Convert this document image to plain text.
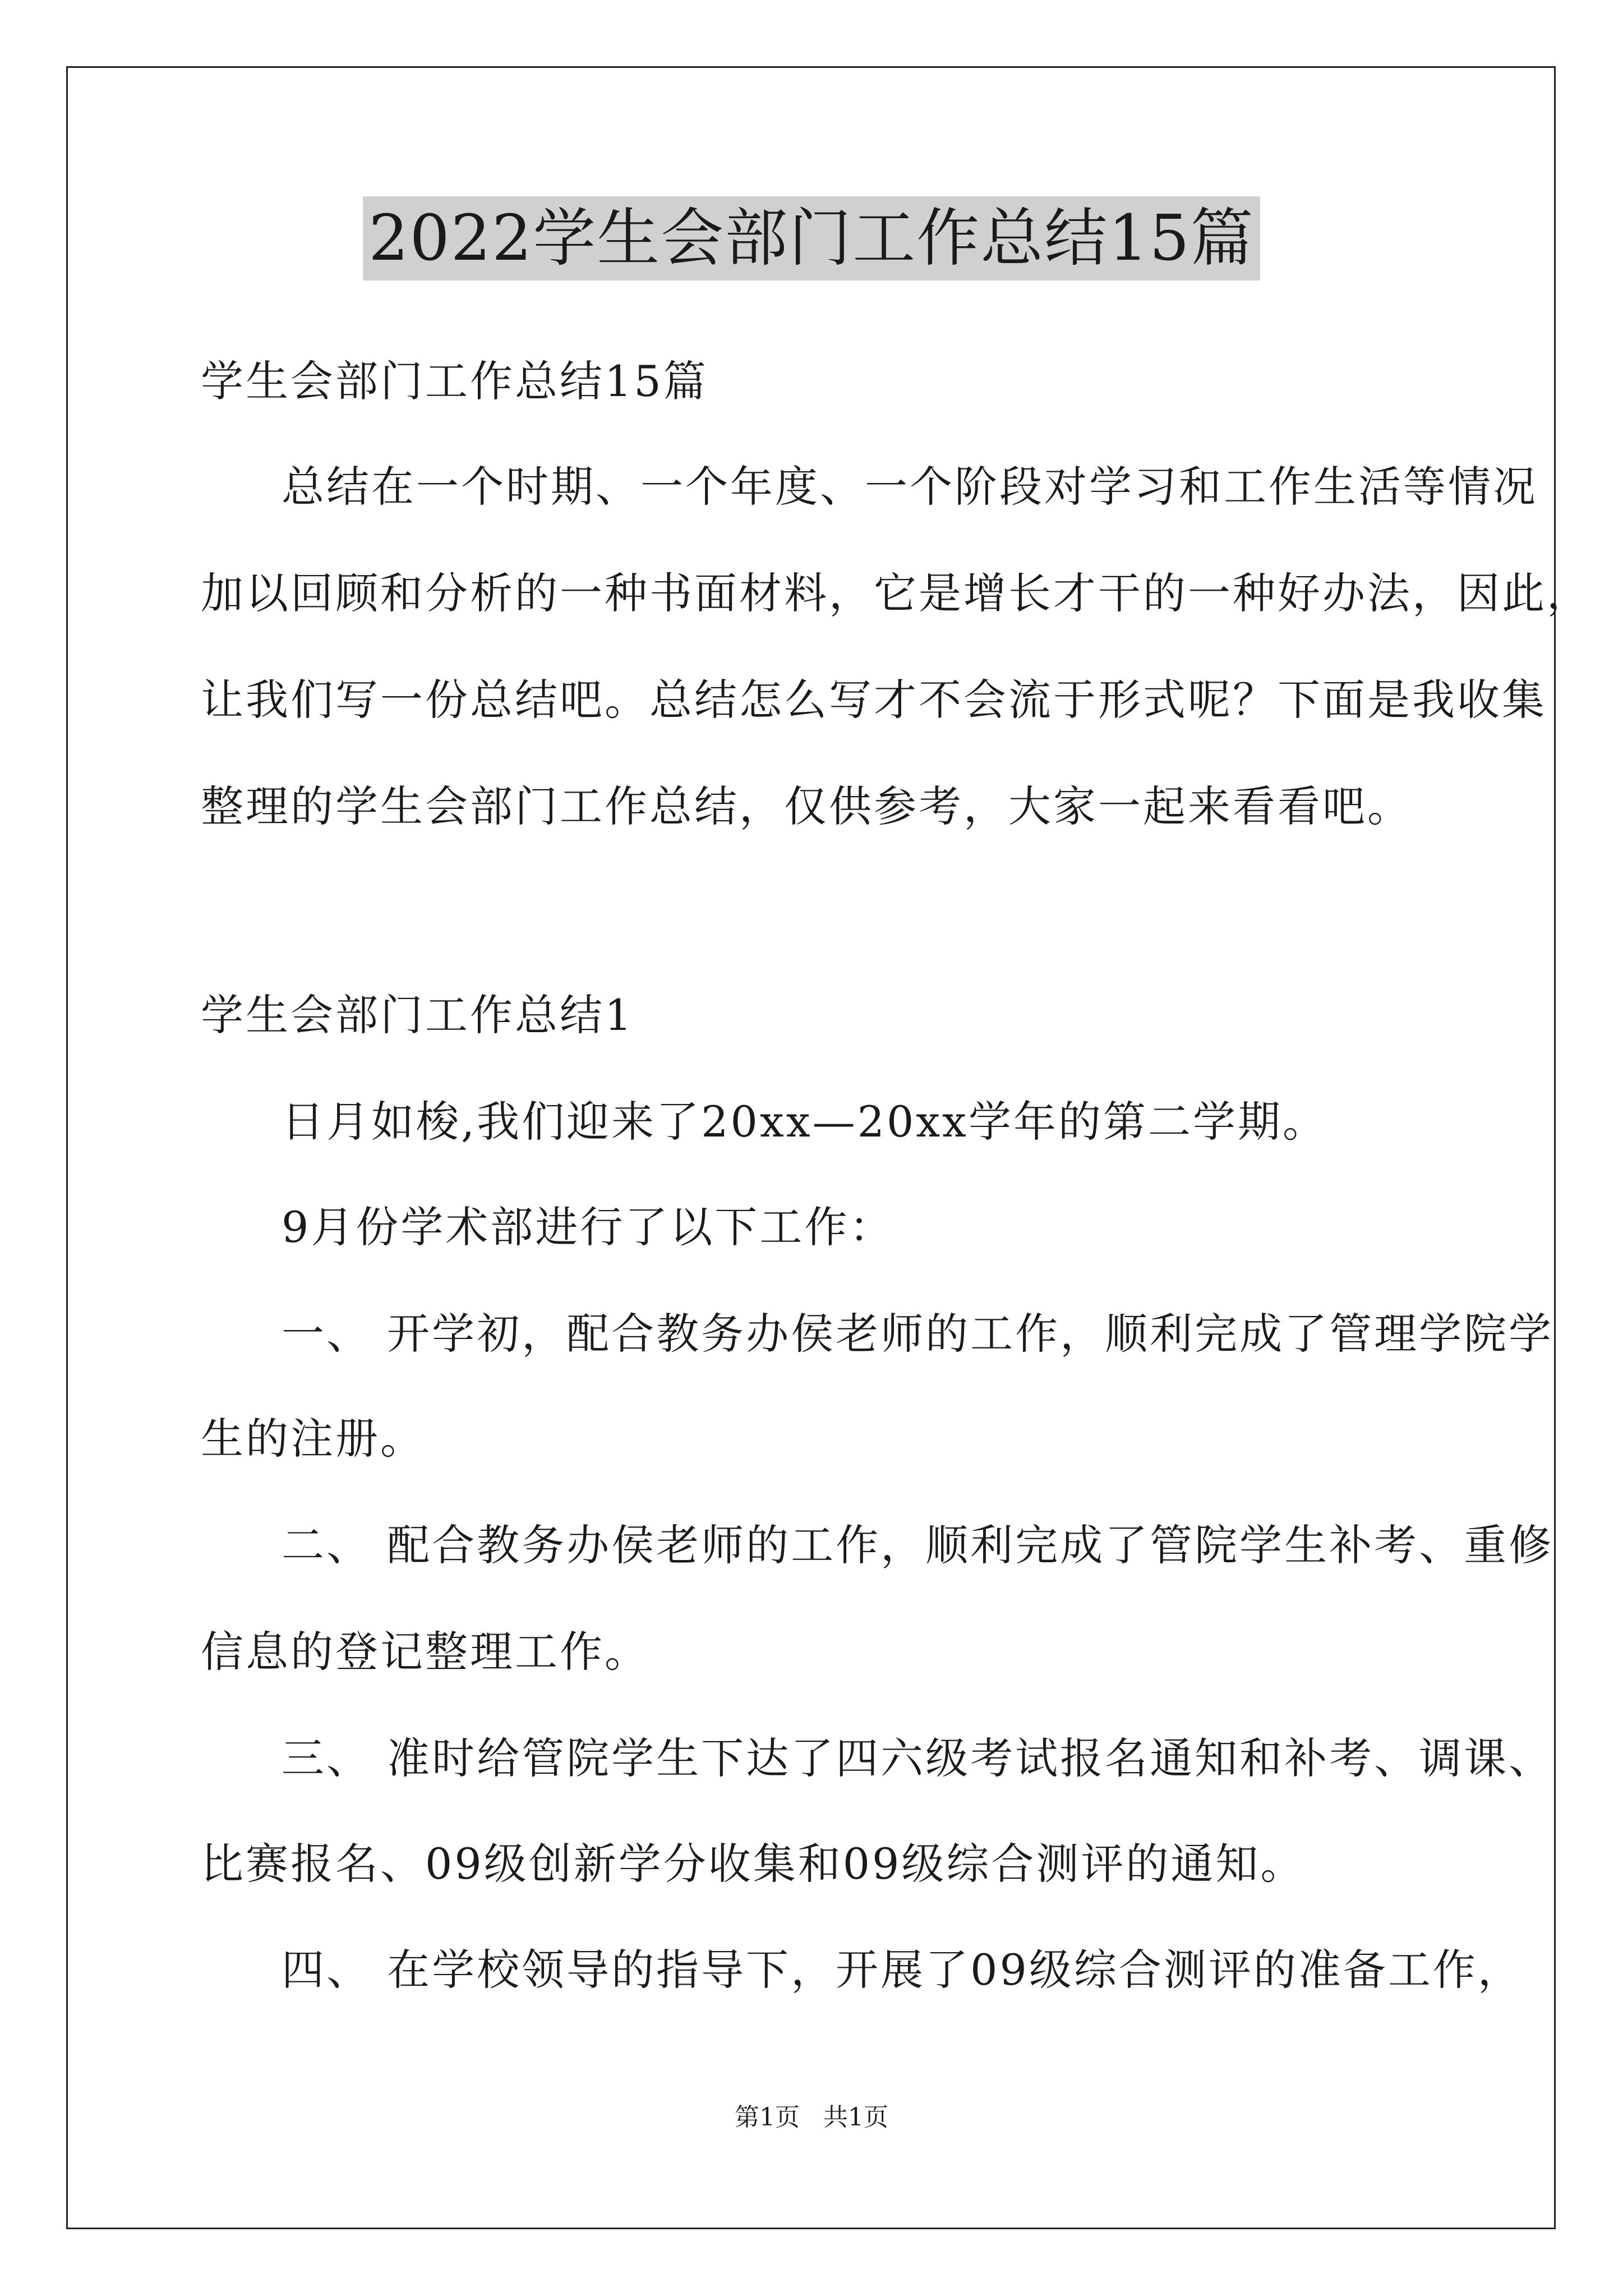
2022学生会部门工作总结15篇

学生会部门工作总结15篇

总结在一个时期、一个年度、一个阶段对学习和工作生活等情况

加以回顾和分析的一种书面材料，它是增长才干的一种好办法，因此，

让我们写一份总结吧。总结怎么写才不会流于形式呢？下面是我收集

整理的学生会部门工作总结，仅供参考，大家一起来看看吧。

学生会部门工作总结1

日月如梭,我们迎来了20xx—20xx学年的第二学期。

9月份学术部进行了以下工作：

一、 开学初，配合教务办侯老师的工作，顺利完成了管理学院学

生的注册。

二、 配合教务办侯老师的工作，顺利完成了管院学生补考、重修

信息的登记整理工作。

三、 准时给管院学生下达了四六级考试报名通知和补考、调课、

比赛报名、09级创新学分收集和09级综合测评的通知。

四、 在学校领导的指导下，开展了09级综合测评的准备工作，

第1页   共1页
